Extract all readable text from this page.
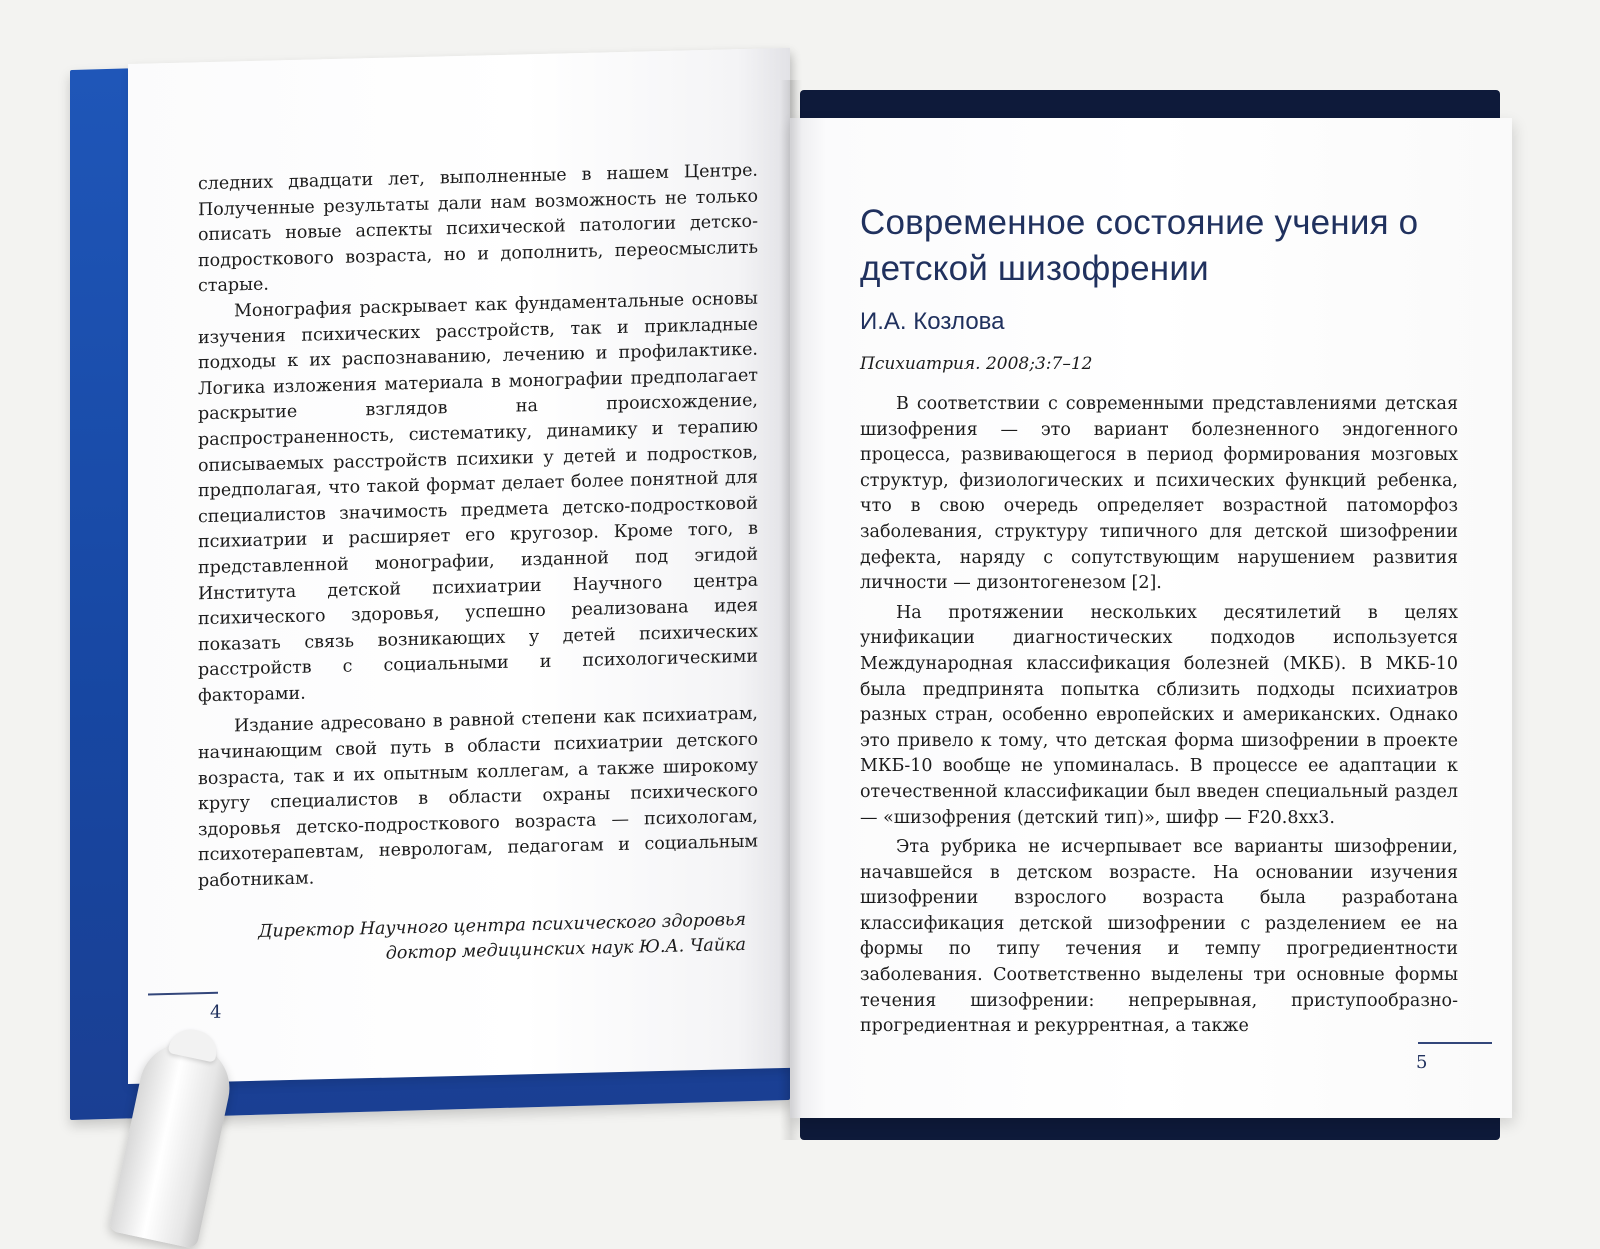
следних двадцати лет, выполненные в нашем Центре. Полученные результаты дали нам возможность не только описать новые аспекты психической патологии детско-подросткового возраста, но и дополнить, переосмыслить старые.

Монография раскрывает как фундаментальные основы изучения психических расстройств, так и прикладные подходы к их распознаванию, лечению и профилактике. Логика изложения материала в монографии предполагает раскрытие взглядов на происхождение, распространенность, систематику, динамику и терапию описываемых расстройств психики у детей и подростков, предполагая, что такой формат делает более понятной для специалистов значимость предмета детско-подростковой психиатрии и расширяет его кругозор. Кроме того, в представленной монографии, изданной под эгидой Института детской психиатрии Научного центра психического здоровья, успешно реализована идея показать связь возникающих у детей психических расстройств с социальными и психологическими факторами.

Издание адресовано в равной степени как психиатрам, начинающим свой путь в области психиатрии детского возраста, так и их опытным коллегам, а также широкому кругу специалистов в области охраны психического здоровья детско-подросткового возраста — психологам, психотерапевтам, неврологам, педагогам и социальным работникам.

Директор Научного центра психического здоровья
доктор медицинских наук Ю.А. Чайка
4
Современное состояние учения о детской шизофрении
И.А. Козлова
Психиатрия. 2008;3:7–12

В соответствии с современными представлениями детская шизофрения — это вариант болезненного эндогенного процесса, развивающегося в период формирования мозговых структур, физиологических и психических функций ребенка, что в свою очередь определяет возрастной патоморфоз заболевания, структуру типичного для детской шизофрении дефекта, наряду с сопутствующим нарушением развития личности — дизонтогенезом [2].

На протяжении нескольких десятилетий в целях унификации диагностических подходов используется Международная классификация болезней (МКБ). В МКБ-10 была предпринята попытка сблизить подходы психиатров разных стран, особенно европейских и американских. Однако это привело к тому, что детская форма шизофрении в проекте МКБ-10 вообще не упоминалась. В процессе ее адаптации к отечественной классификации был введен специальный раздел — «шизофрения (детский тип)», шифр — F20.8хх3.

Эта рубрика не исчерпывает все варианты шизофрении, начавшейся в детском возрасте. На основании изучения шизофрении взрослого возраста была разработана классификация детской шизофрении с разделением ее на формы по типу течения и темпу прогредиентности заболевания. Соответственно выделены три основные формы течения шизофрении: непрерывная, приступообразно-прогредиентная и рекуррентная, а также

5
